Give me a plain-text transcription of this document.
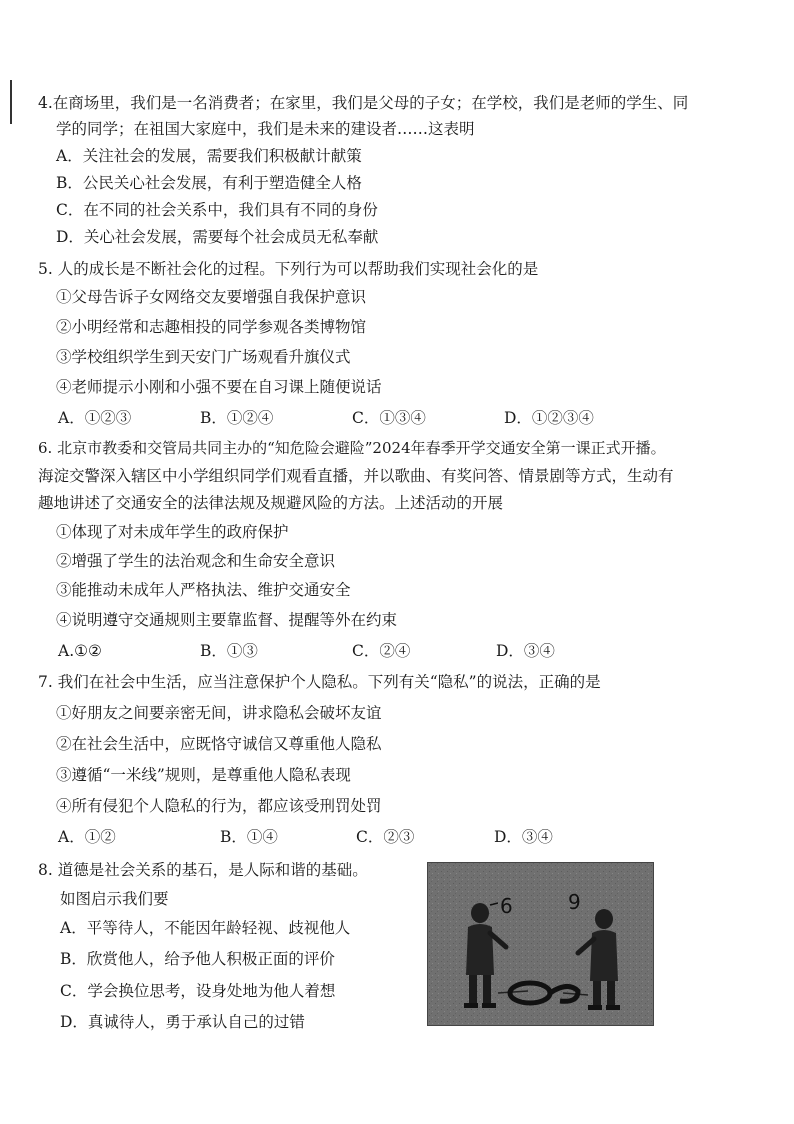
4.在商场里，我们是一名消费者；在家里，我们是父母的子女；在学校，我们是老师的学生、同
学的同学；在祖国大家庭中，我们是未来的建设者……这表明
A．关注社会的发展，需要我们积极献计献策
B．公民关心社会发展，有利于塑造健全人格
C．在不同的社会关系中，我们具有不同的身份
D．关心社会发展，需要每个社会成员无私奉献
5. 人的成长是不断社会化的过程。下列行为可以帮助我们实现社会化的是
①父母告诉子女网络交友要增强自我保护意识
②小明经常和志趣相投的同学参观各类博物馆
③学校组织学生到天安门广场观看升旗仪式
④老师提示小刚和小强不要在自习课上随便说话
A．①②③	B．①②④	C．①③④	D．①②③④
6. 北京市教委和交管局共同主办的“知危险会避险”2024年春季开学交通安全第一课正式开播。
海淀交警深入辖区中小学组织同学们观看直播，并以歌曲、有奖问答、情景剧等方式，生动有
趣地讲述了交通安全的法律法规及规避风险的方法。上述活动的开展
①体现了对未成年学生的政府保护
②增强了学生的法治观念和生命安全意识
③能推动未成年人严格执法、维护交通安全
④说明遵守交通规则主要靠监督、提醒等外在约束
A.①②	B．①③	C．②④	D．③④
7. 我们在社会中生活，应当注意保护个人隐私。下列有关“隐私”的说法，正确的是
①好朋友之间要亲密无间，讲求隐私会破坏友谊
②在社会生活中，应既恪守诚信又尊重他人隐私
③遵循“一米线”规则，是尊重他人隐私表现
④所有侵犯个人隐私的行为，都应该受刑罚处罚
A．①②	B．①④	C．②③	D．③④
8. 道德是社会关系的基石，是人际和谐的基础。
如图启示我们要
A．平等待人，不能因年龄轻视、歧视他人
B．欣赏他人，给予他人积极正面的评价
C．学会换位思考，设身处地为他人着想
D．真诚待人，勇于承认自己的过错
6	9
